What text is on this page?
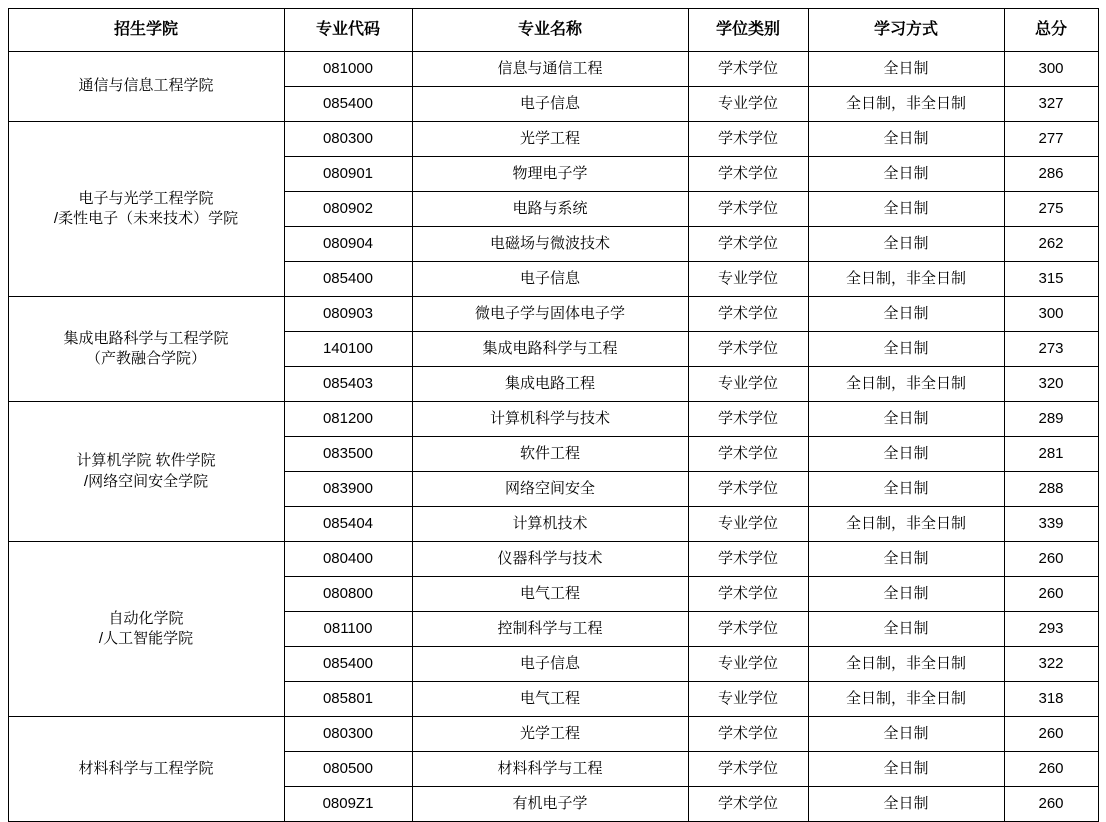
招生学院	专业代码	专业名称	学位类别	学习方式	总分

通信与信息工程学院	081000	信息与通信工程	学术学位	全日制	300
	085400	电子信息	专业学位	全日制，非全日制	327

电子与光学工程学院
/柔性电子（未来技术）学院	080300	光学工程	学术学位	全日制	277
	080901	物理电子学	学术学位	全日制	286
	080902	电路与系统	学术学位	全日制	275
	080904	电磁场与微波技术	学术学位	全日制	262
	085400	电子信息	专业学位	全日制，非全日制	315

集成电路科学与工程学院
（产教融合学院）	080903	微电子学与固体电子学	学术学位	全日制	300
	140100	集成电路科学与工程	学术学位	全日制	273
	085403	集成电路工程	专业学位	全日制，非全日制	320

计算机学院 软件学院
/网络空间安全学院	081200	计算机科学与技术	学术学位	全日制	289
	083500	软件工程	学术学位	全日制	281
	083900	网络空间安全	学术学位	全日制	288
	085404	计算机技术	专业学位	全日制，非全日制	339

自动化学院
/人工智能学院	080400	仪器科学与技术	学术学位	全日制	260
	080800	电气工程	学术学位	全日制	260
	081100	控制科学与工程	学术学位	全日制	293
	085400	电子信息	专业学位	全日制，非全日制	322
	085801	电气工程	专业学位	全日制，非全日制	318

材料科学与工程学院	080300	光学工程	学术学位	全日制	260
	080500	材料科学与工程	学术学位	全日制	260
	0809Z1	有机电子学	学术学位	全日制	260
